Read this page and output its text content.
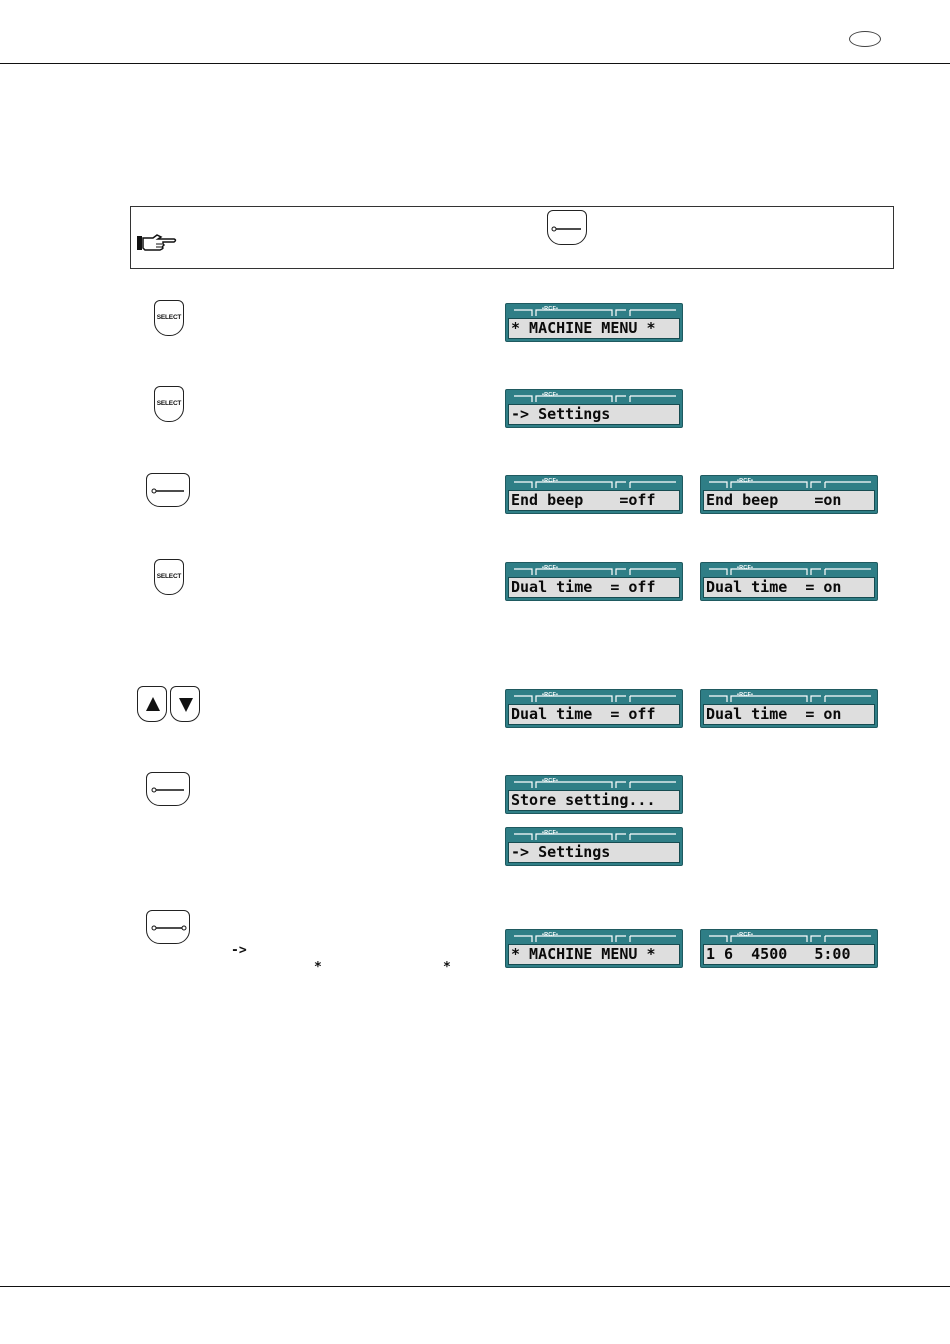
SELECT
•RCF•
* MACHINE MENU *
SELECT
•RCF•
-> Settings
•RCF•
End beep    =off
•RCF•
End beep    =on
SELECT
•RCF•
Dual time  = off
•RCF•
Dual time  = on
•RCF•
Dual time  = off
•RCF•
Dual time  = on
•RCF•
Store setting...
•RCF•
-> Settings
->
*	*
•RCF•
* MACHINE MENU *
•RCF•
1 6  4500   5:00
